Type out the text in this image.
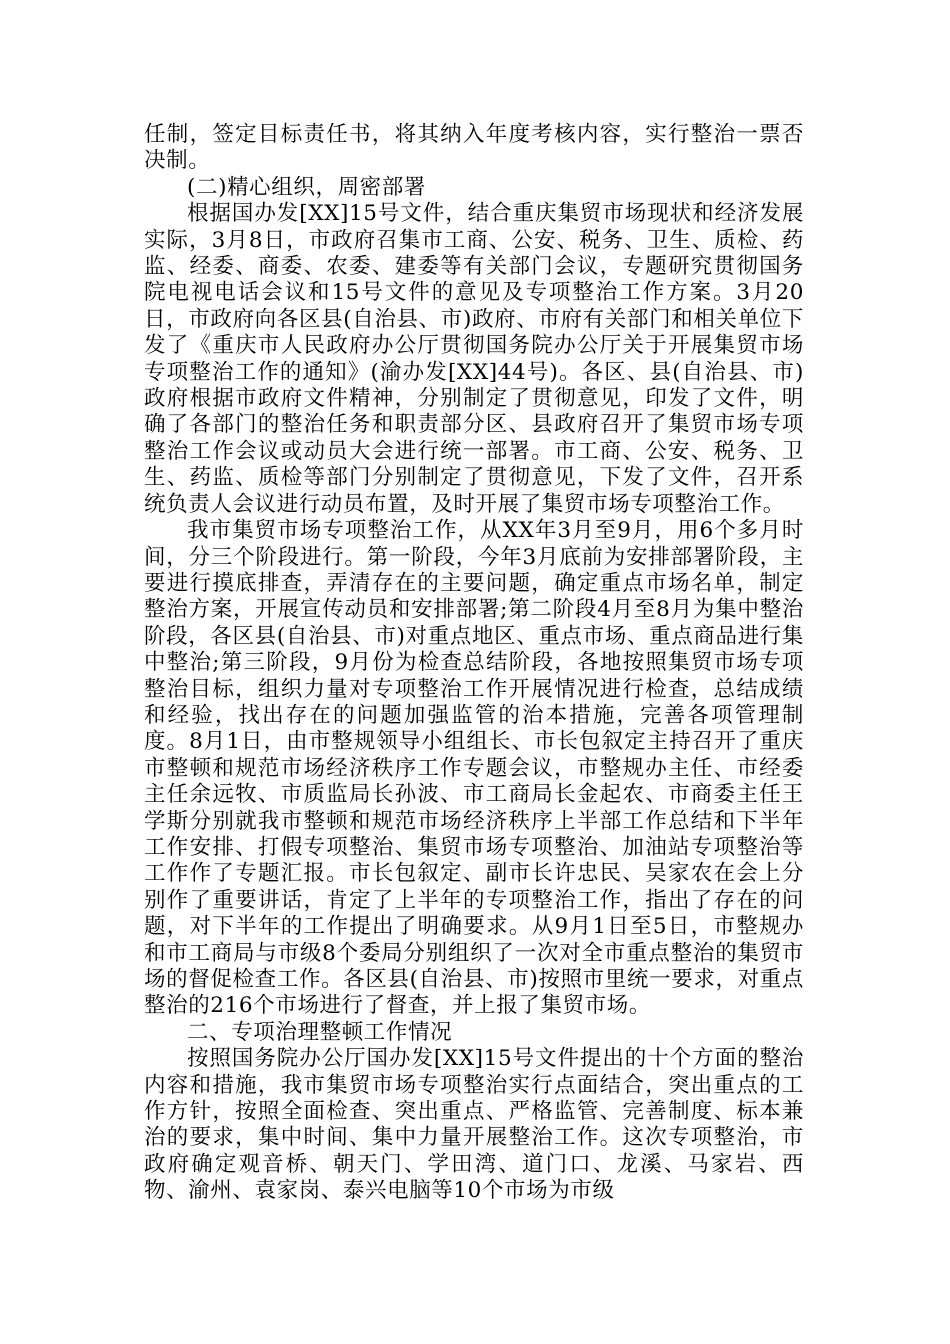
任制，签定目标责任书，将其纳入年度考核内容，实行整治一票否决制。

(二)精心组织，周密部署

根据国办发[XX]15号文件，结合重庆集贸市场现状和经济发展实际，3月8日，市政府召集市工商、公安、税务、卫生、质检、药监、经委、商委、农委、建委等有关部门会议，专题研究贯彻国务院电视电话会议和15号文件的意见及专项整治工作方案。3月20日，市政府向各区县(自治县、市)政府、市府有关部门和相关单位下发了《重庆市人民政府办公厅贯彻国务院办公厅关于开展集贸市场专项整治工作的通知》(渝办发[XX]44号)。各区、县(自治县、市)政府根据市政府文件精神，分别制定了贯彻意见，印发了文件，明确了各部门的整治任务和职责部分区、县政府召开了集贸市场专项整治工作会议或动员大会进行统一部署。市工商、公安、税务、卫生、药监、质检等部门分别制定了贯彻意见，下发了文件，召开系统负责人会议进行动员布置，及时开展了集贸市场专项整治工作。

我市集贸市场专项整治工作，从XX年3月至9月，用6个多月时间，分三个阶段进行。第一阶段，今年3月底前为安排部署阶段，主要进行摸底排查，弄清存在的主要问题，确定重点市场名单，制定整治方案，开展宣传动员和安排部署;第二阶段4月至8月为集中整治阶段，各区县(自治县、市)对重点地区、重点市场、重点商品进行集中整治;第三阶段，9月份为检查总结阶段，各地按照集贸市场专项整治目标，组织力量对专项整治工作开展情况进行检查，总结成绩和经验，找出存在的问题加强监管的治本措施，完善各项管理制度。8月1日，由市整规领导小组组长、市长包叙定主持召开了重庆市整顿和规范市场经济秩序工作专题会议，市整规办主任、市经委主任余远牧、市质监局长孙波、市工商局长金起农、市商委主任王学斯分别就我市整顿和规范市场经济秩序上半部工作总结和下半年工作安排、打假专项整治、集贸市场专项整治、加油站专项整治等工作作了专题汇报。市长包叙定、副市长许忠民、吴家农在会上分别作了重要讲话，肯定了上半年的专项整治工作，指出了存在的问题，对下半年的工作提出了明确要求。从9月1日至5日，市整规办和市工商局与市级8个委局分别组织了一次对全市重点整治的集贸市场的督促检查工作。各区县(自治县、市)按照市里统一要求，对重点整治的216个市场进行了督查，并上报了集贸市场。

二、专项治理整顿工作情况

按照国务院办公厅国办发[XX]15号文件提出的十个方面的整治内容和措施，我市集贸市场专项整治实行点面结合，突出重点的工作方针，按照全面检查、突出重点、严格监管、完善制度、标本兼治的要求，集中时间、集中力量开展整治工作。这次专项整治，市政府确定观音桥、朝天门、学田湾、道门口、龙溪、马家岩、西物、渝州、袁家岗、泰兴电脑等10个市场为市级
